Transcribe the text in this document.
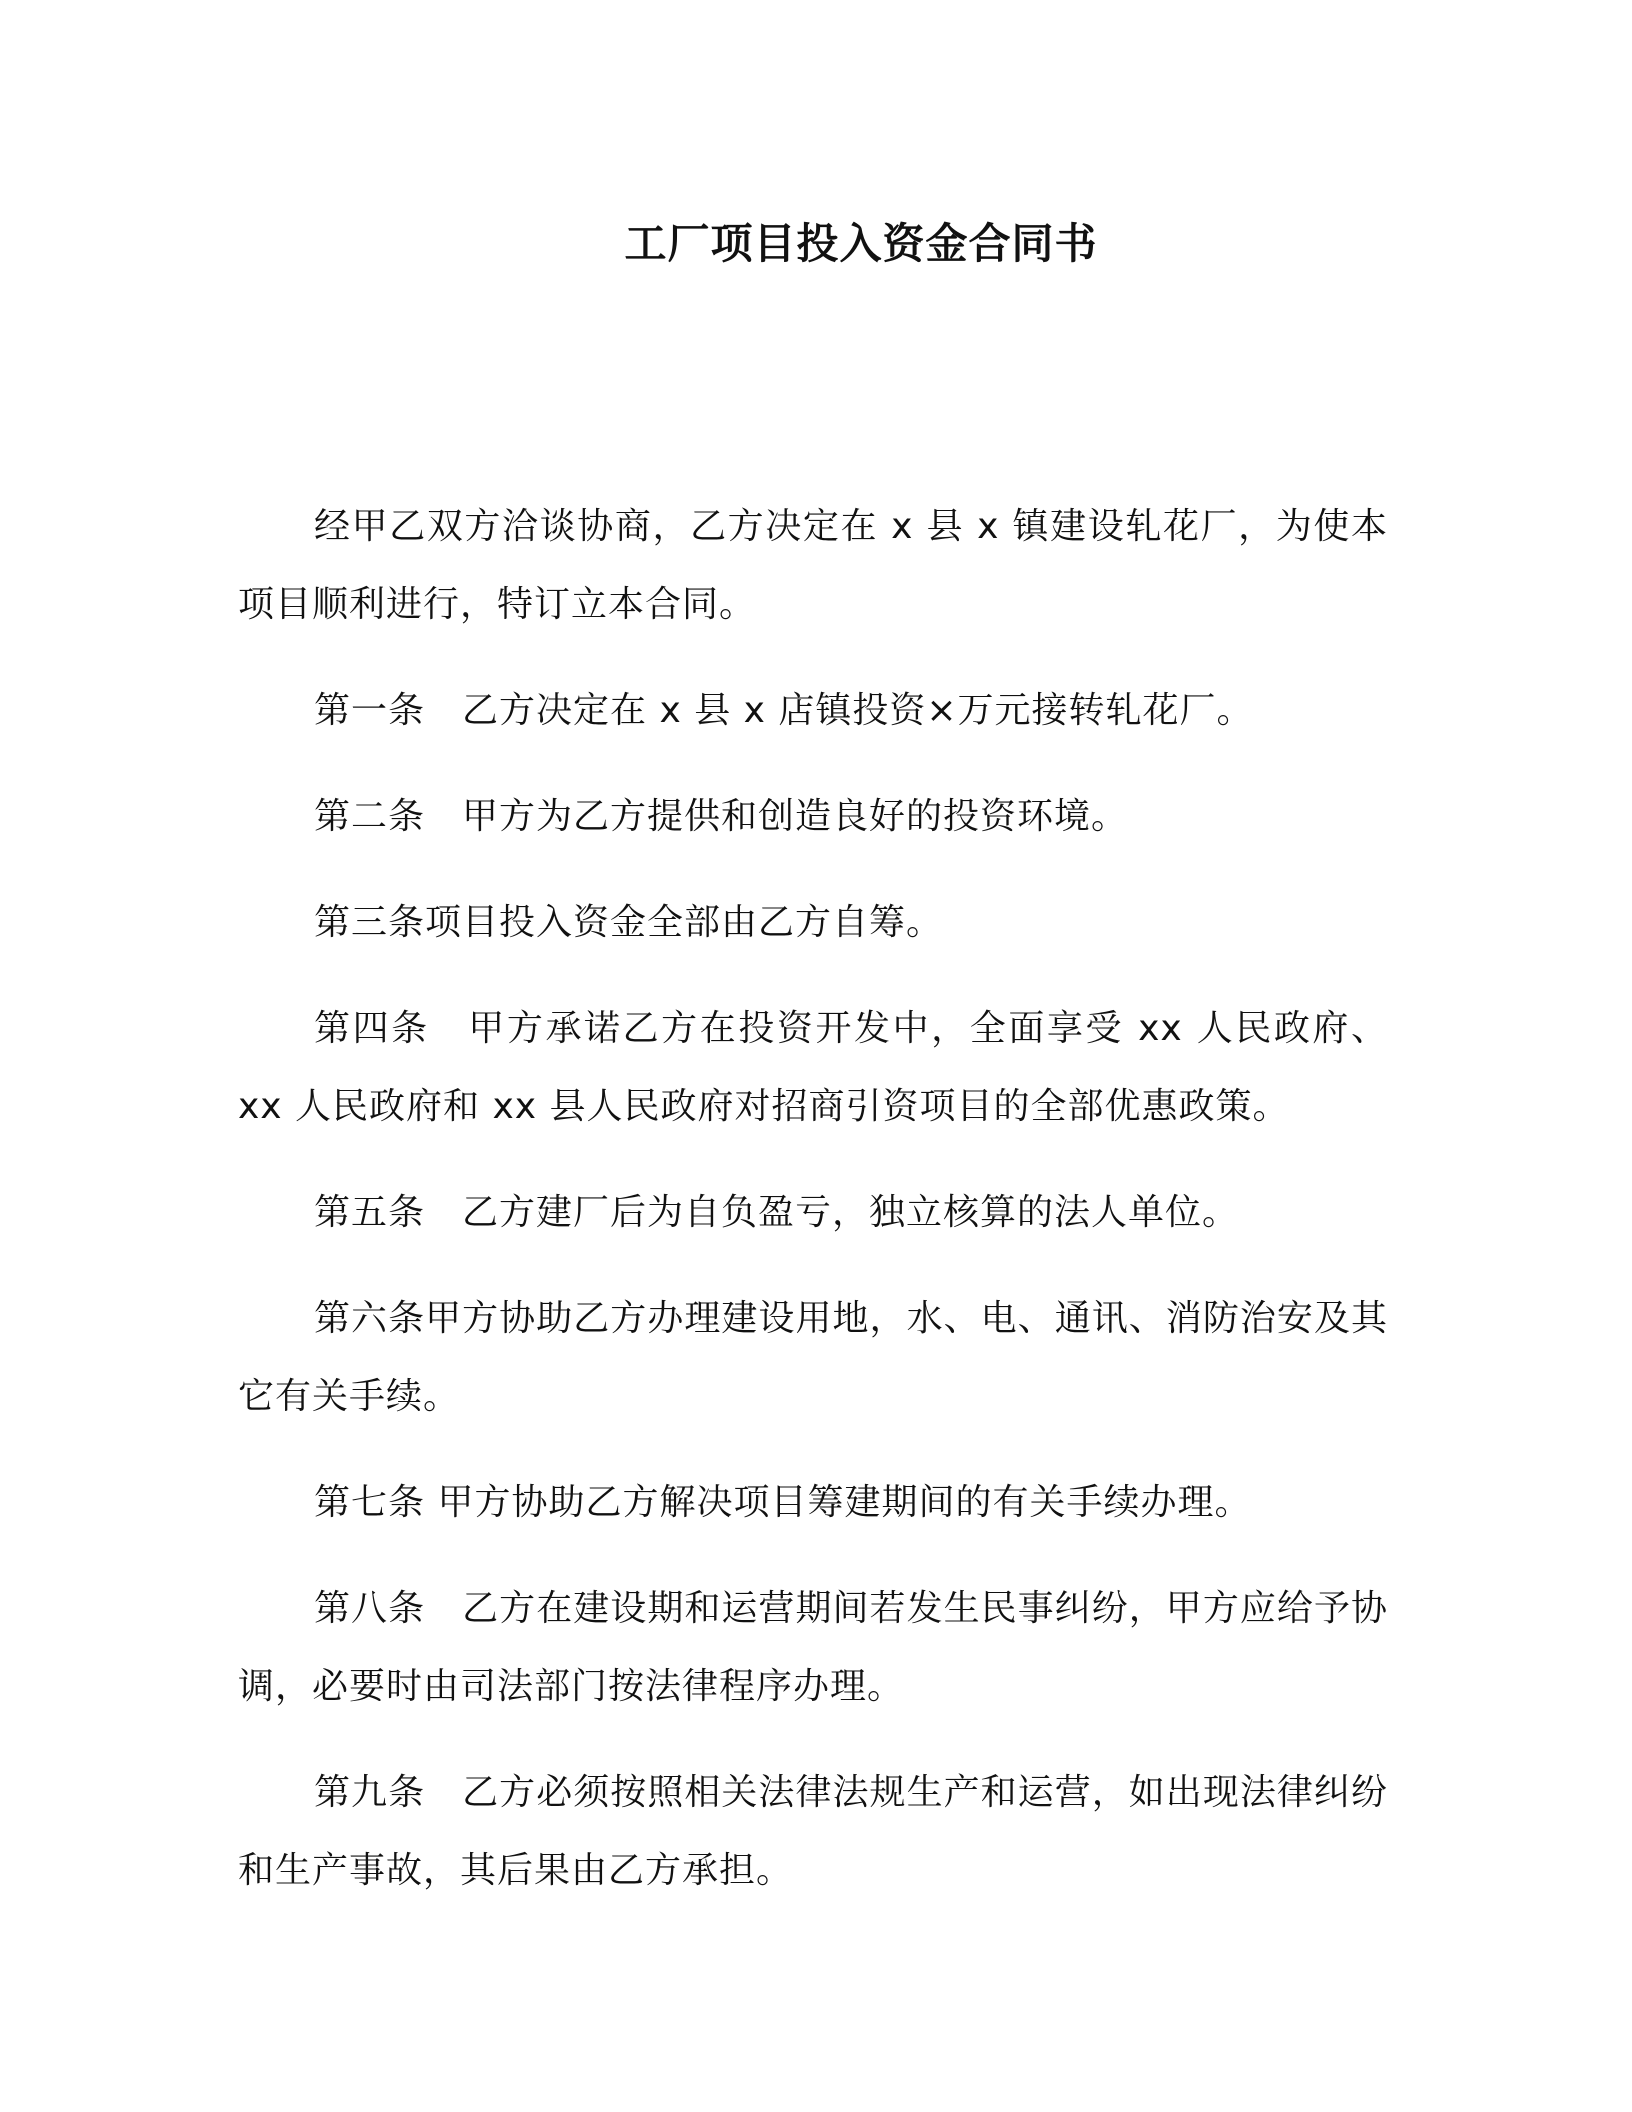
工厂项目投入资金合同书

经甲乙双方洽谈协商，乙方决定在 x 县 x 镇建设轧花厂，为使本项目顺利进行，特订立本合同。

第一条　乙方决定在 x 县 x 店镇投资×万元接转轧花厂。

第二条　甲方为乙方提供和创造良好的投资环境。

第三条项目投入资金全部由乙方自筹。

第四条　甲方承诺乙方在投资开发中，全面享受 xx 人民政府、xx 人民政府和 xx 县人民政府对招商引资项目的全部优惠政策。

第五条　乙方建厂后为自负盈亏，独立核算的法人单位。

第六条甲方协助乙方办理建设用地，水、电、通讯、消防治安及其它有关手续。

第七条 甲方协助乙方解决项目筹建期间的有关手续办理。

第八条　乙方在建设期和运营期间若发生民事纠纷，甲方应给予协调，必要时由司法部门按法律程序办理。

第九条　乙方必须按照相关法律法规生产和运营，如出现法律纠纷和生产事故，其后果由乙方承担。
